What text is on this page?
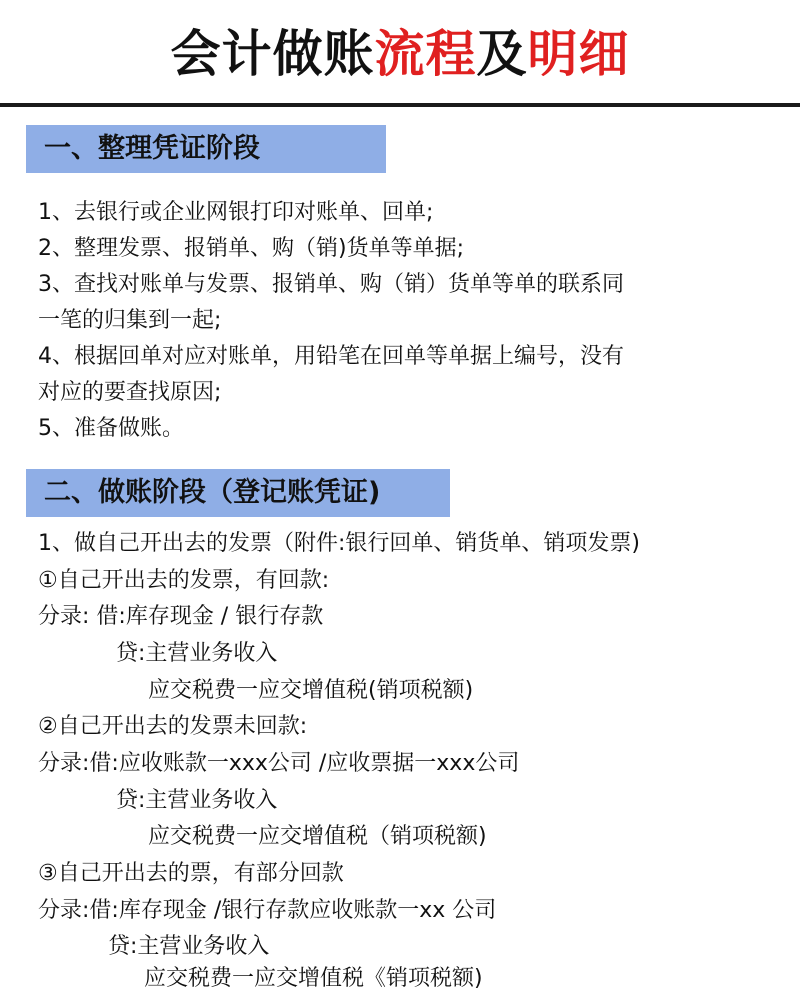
会计做账流程及明细
一、整理凭证阶段
1、去银行或企业网银打印对账单、回单;
2、整理发票、报销单、购（销)货单等单据;
3、查找对账单与发票、报销单、购（销）货单等单的联系同
一笔的归集到一起;
4、根据回单对应对账单，用铅笔在回单等单据上编号，没有
对应的要查找原因;
5、准备做账。
二、做账阶段（登记账凭证)
1、做自己开出去的发票（附件:银行回单、销货单、销项发票)
①自己开出去的发票，有回款:
分录: 借:库存现金 / 银行存款
贷:主营业务收入
应交税费一应交增值税(销项税额)
②自己开出去的发票未回款:
分录:借:应收账款一xxx公司 /应收票据一xxx公司
贷:主营业务收入
应交税费一应交增值税（销项税额)
③自己开出去的票，有部分回款
分录:借:库存现金 /银行存款应收账款一xx 公司
贷:主营业务收入
应交税费一应交增值税《销项税额)
